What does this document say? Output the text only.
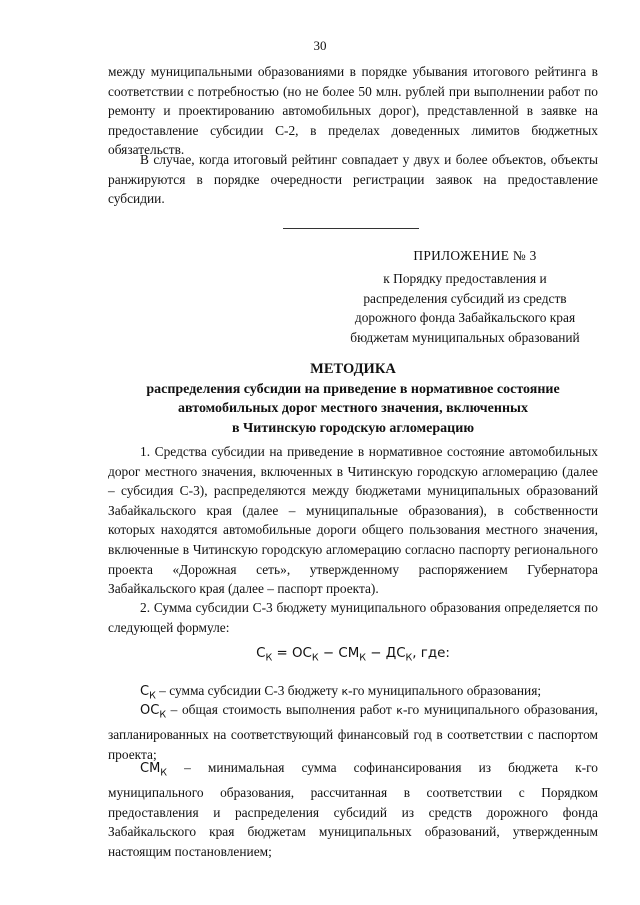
30

между муниципальными образованиями в порядке убывания итогового рейтинга в соответствии с потребностью (но не более 50 млн. рублей при выполнении работ по ремонту и проектированию автомобильных дорог), представленной в заявке на предоставление субсидии С-2, в пределах доведенных лимитов бюджетных обязательств.

В случае, когда итоговый рейтинг совпадает у двух и более объектов, объекты ранжируются в порядке очередности регистрации заявок на предоставление субсидии.

ПРИЛОЖЕНИЕ № 3
к Порядку предоставления и
распределения субсидий из средств
дорожного фонда Забайкальского края
бюджетам муниципальных образований
МЕТОДИКА
распределения субсидии на приведение в нормативное состояние
автомобильных дорог местного значения, включенных
в Читинскую городскую агломерацию

1. Средства субсидии на приведение в нормативное состояние автомобильных дорог местного значения, включенных в Читинскую городскую агломерацию (далее – субсидия С-3), распределяются между бюджетами муниципальных образований Забайкальского края (далее – муниципальные образования), в собственности которых находятся автомобильные дороги общего пользования местного значения, включенные в Читинскую городскую агломерацию согласно паспорту регионального проекта «Дорожная сеть», утвержденному распоряжением Губернатора Забайкальского края (далее – паспорт проекта).

2. Сумма субсидии С-3 бюджету муниципального образования определяется по следующей формуле:

$С_К = ОС_К - СМ_К - ДС_К$, где:

$С_К$ – сумма субсидии С-3 бюджету к-го муниципального образования;

$ОС_К$ – общая стоимость выполнения работ к-го муниципального образования, запланированных на соответствующий финансовый год в соответствии с паспортом проекта;

$СМ_К$ – минимальная сумма софинансирования из бюджета к-го муниципального образования, рассчитанная в соответствии с Порядком предоставления и распределения субсидий из средств дорожного фонда Забайкальского края бюджетам муниципальных образований, утвержденным настоящим постановлением;
